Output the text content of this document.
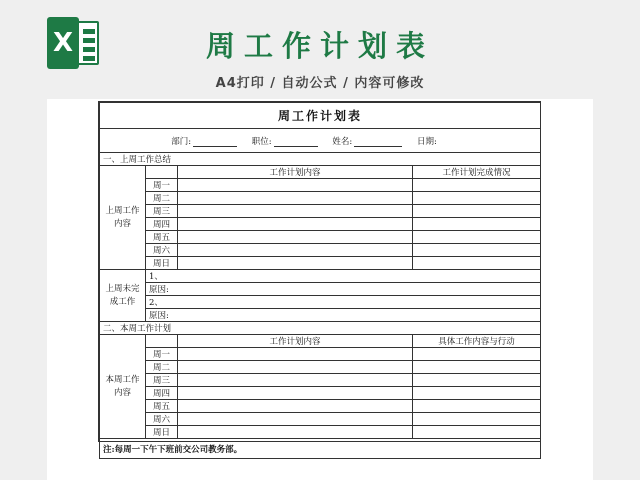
X	周工作计划表
A4打印 / 自动公式 / 内容可修改
周工作计划表			
部门: 职位: 姓名: 日期:			
一、上周工作总结			
上周工作内容		工作计划内容	工作计划完成情况
	周一		
	周二		
	周三		
	周四		
	周五		
	周六		
	周日		
上周未完成工作	1、		
	原因:		
	2、		
	原因:		
二、本周工作计划			
本周工作内容		工作计划内容	具体工作内容与行动
	周一		
	周二		
	周三		
	周四		
	周五		
	周六		
	周日		
注:每周一下午下班前交公司教务部。			
